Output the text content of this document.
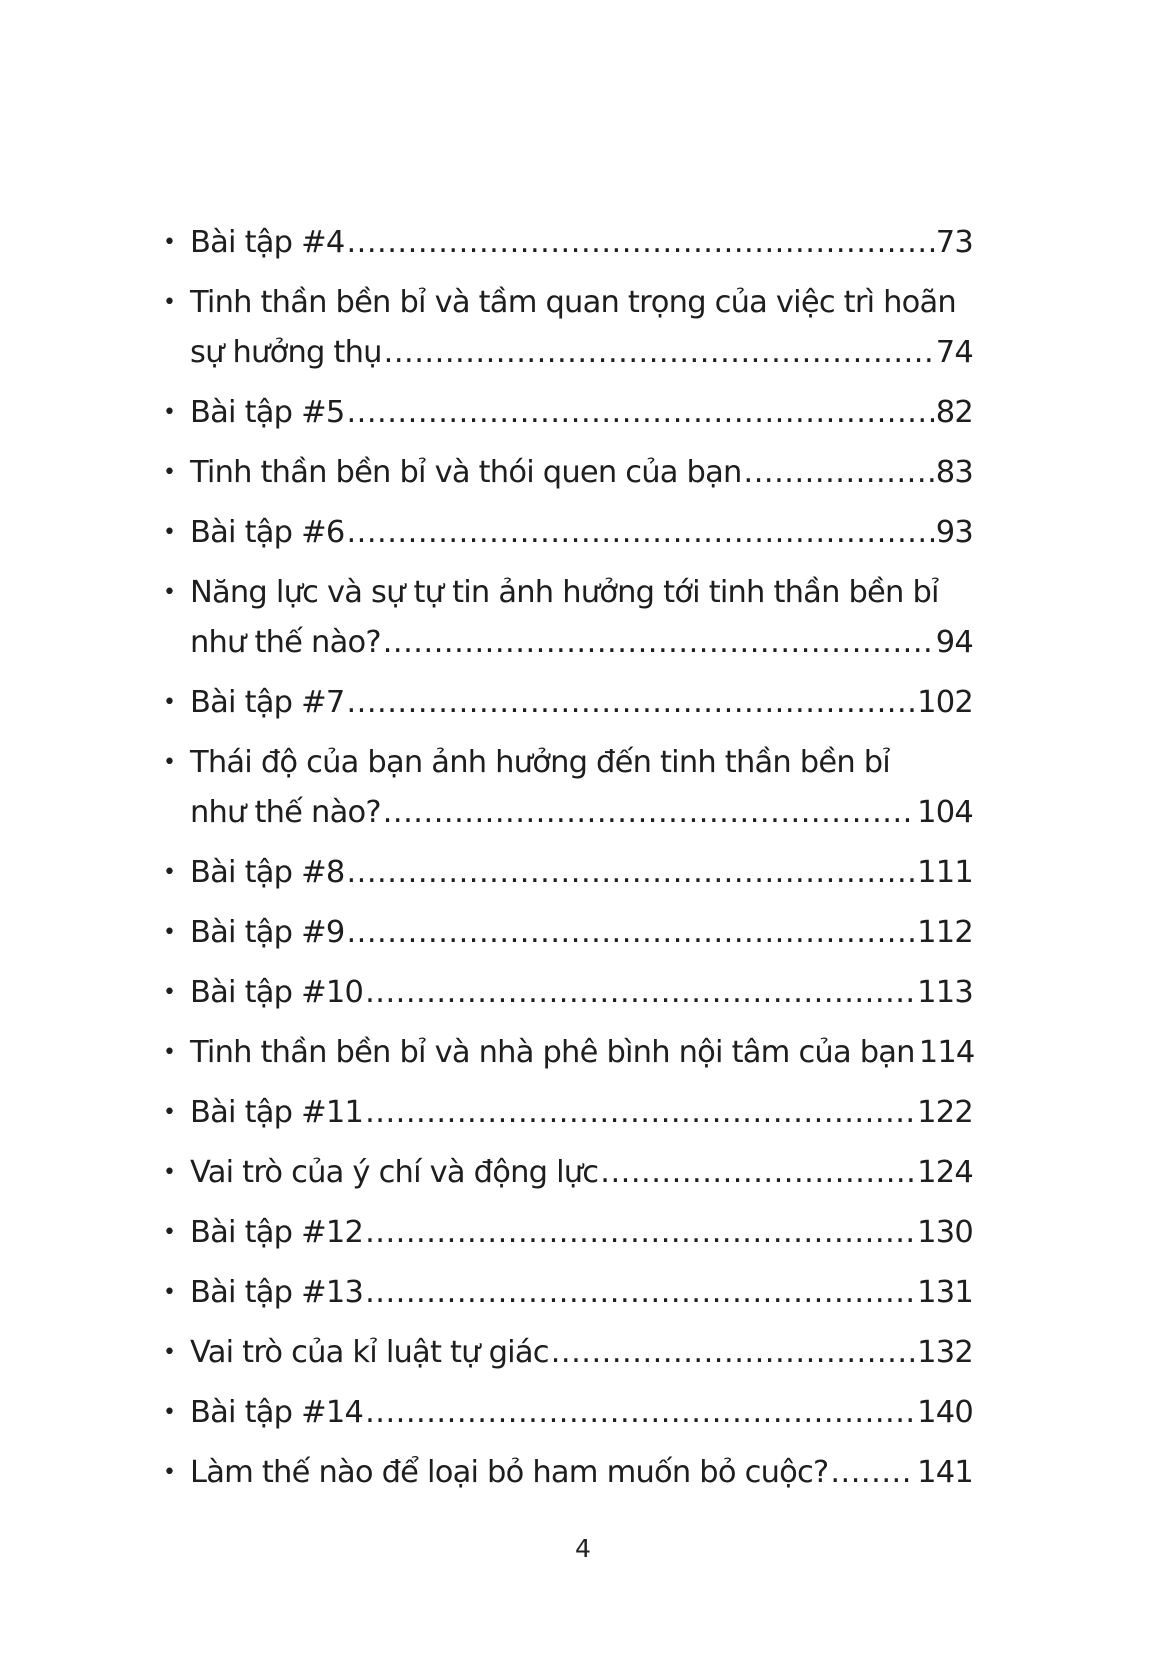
• Bài tập #4 .....	73
• Tinh thần bền bỉ và tầm quan trọng của việc trì hoãn
sự hưởng thụ .....	74
• Bài tập #5 .....	82
• Tinh thần bền bỉ và thói quen của bạn .....	83
• Bài tập #6 .....	93
• Năng lực và sự tự tin ảnh hưởng tới tinh thần bền bỉ
như thế nào? .....	94
• Bài tập #7 .....	102
• Thái độ của bạn ảnh hưởng đến tinh thần bền bỉ
như thế nào? .....	104
• Bài tập #8 .....	111
• Bài tập #9 .....	112
• Bài tập #10 .....	113
• Tinh thần bền bỉ và nhà phê bình nội tâm của bạn 114
• Bài tập #11 .....	122
• Vai trò của ý chí và động lực .....	124
• Bài tập #12 .....	130
• Bài tập #13 .....	131
• Vai trò của kỉ luật tự giác .....	132
• Bài tập #14 .....	140
• Làm thế nào để loại bỏ ham muốn bỏ cuộc? .....	141
4
